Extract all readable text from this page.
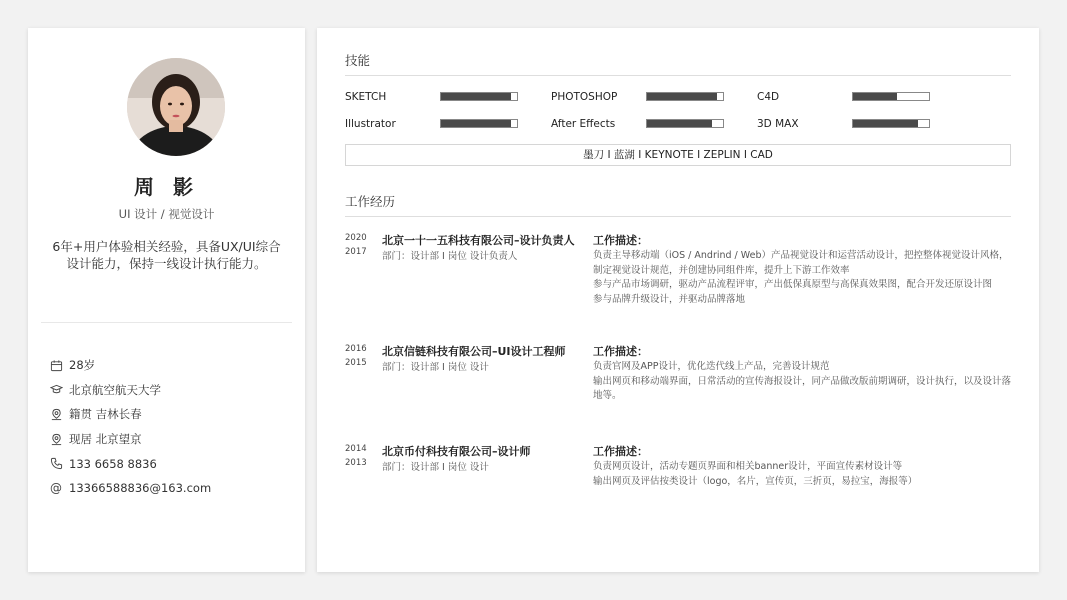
周 影
UI 设计 / 视觉设计
6年+用户体验相关经验，具备UX/UI综合
设计能力，保持一线设计执行能力。
28岁
北京航空航天大学
籍贯 吉林长春
现居 北京望京
133 6658 8836
@ 13366588836@163.com
技能
SKETCH	PHOTOSHOP	C4D
Illustrator	After Effects	3D MAX
墨刀 I 蓝湖 I KEYNOTE I ZEPLIN I CAD
工作经历
2020
2017
北京一十一五科技有限公司–设计负责人
部门：设计部 I 岗位 设计负责人
工作描述：
负责主导移动端（iOS / Andrind / Web）产品视觉设计和运营活动设计，把控整体视觉设计风格，
制定视觉设计规范，并创建协同组件库，提升上下游工作效率
参与产品市场调研，驱动产品流程评审，产出低保真原型与高保真效果图，配合开发还原设计图
参与品牌升级设计，并驱动品牌落地
2016
2015
北京信链科技有限公司–UI设计工程师
部门：设计部 I 岗位 设计
工作描述：
负责官网及APP设计，优化迭代线上产品，完善设计规范
输出网页和移动端界面，日常活动的宣传海报设计，同产品做改版前期调研，设计执行，以及设计落
地等。
2014
2013
北京币付科技有限公司–设计师
部门：设计部 I 岗位 设计
工作描述：
负责网页设计，活动专题页界面和相关banner设计，平面宣传素材设计等
输出网页及评估按类设计（logo，名片，宣传页，三折页，易拉宝，海报等）
